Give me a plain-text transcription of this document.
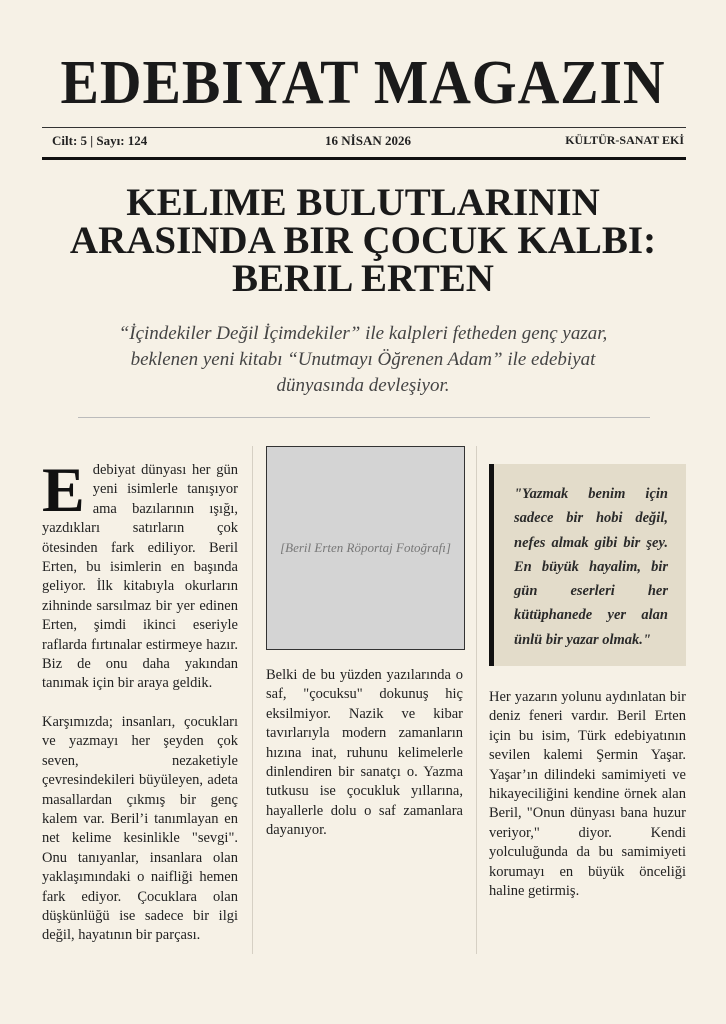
EDEBIYAT MAGAZIN
Cilt: 5 | Sayı: 124	16 NİSAN 2026	KÜLTÜR-SANAT EKİ
KELIME BULUTLARININ ARASINDA BIR ÇOCUK KALBI: BERIL ERTEN
“İçindekiler Değil İçimdekiler” ile kalpleri fetheden genç yazar, beklenen yeni kitabı “Unutmayı Öğrenen Adam” ile edebiyat dünyasında devleşiyor.

Edebiyat dünyası her gün yeni isimlerle tanışıyor ama bazılarının ışığı, yazdıkları satırların çok ötesinden fark ediliyor. Beril Erten, bu isimlerin en başında geliyor. İlk kitabıyla okurların zihninde sarsılmaz bir yer edinen Erten, şimdi ikinci eseriyle raflarda fırtınalar estirmeye hazır. Biz de onu daha yakından tanımak için bir araya geldik.

Karşımızda; insanları, çocukları ve yazmayı her şeyden çok seven, nezaketiyle çevresindekileri büyüleyen, adeta masallardan çıkmış bir genç kalem var. Beril’i tanımlayan en net kelime kesinlikle "sevgi". Onu tanıyanlar, insanlara olan yaklaşımındaki o naifliği hemen fark ediyor. Çocuklara olan düşkünlüğü ise sadece bir ilgi değil, hayatının bir parçası.

[Beril Erten Röportaj Fotoğrafı]

Belki de bu yüzden yazılarında o saf, "çocuksu" dokunuş hiç eksilmiyor. Nazik ve kibar tavırlarıyla modern zamanların hızına inat, ruhunu kelimelerle dinlendiren bir sanatçı o. Yazma tutkusu ise çocukluk yıllarına, hayallerle dolu o saf zamanlara dayanıyor.

"Yazmak benim için sadece bir hobi değil, nefes almak gibi bir şey. En büyük hayalim, bir gün eserleri her kütüphanede yer alan ünlü bir yazar olmak."

Her yazarın yolunu aydınlatan bir deniz feneri vardır. Beril Erten için bu isim, Türk edebiyatının sevilen kalemi Şermin Yaşar. Yaşar’ın dilindeki samimiyeti ve hikayeciliğini kendine örnek alan Beril, "Onun dünyası bana huzur veriyor," diyor. Kendi yolculuğunda da bu samimiyeti korumayı en büyük önceliği haline getirmiş.
